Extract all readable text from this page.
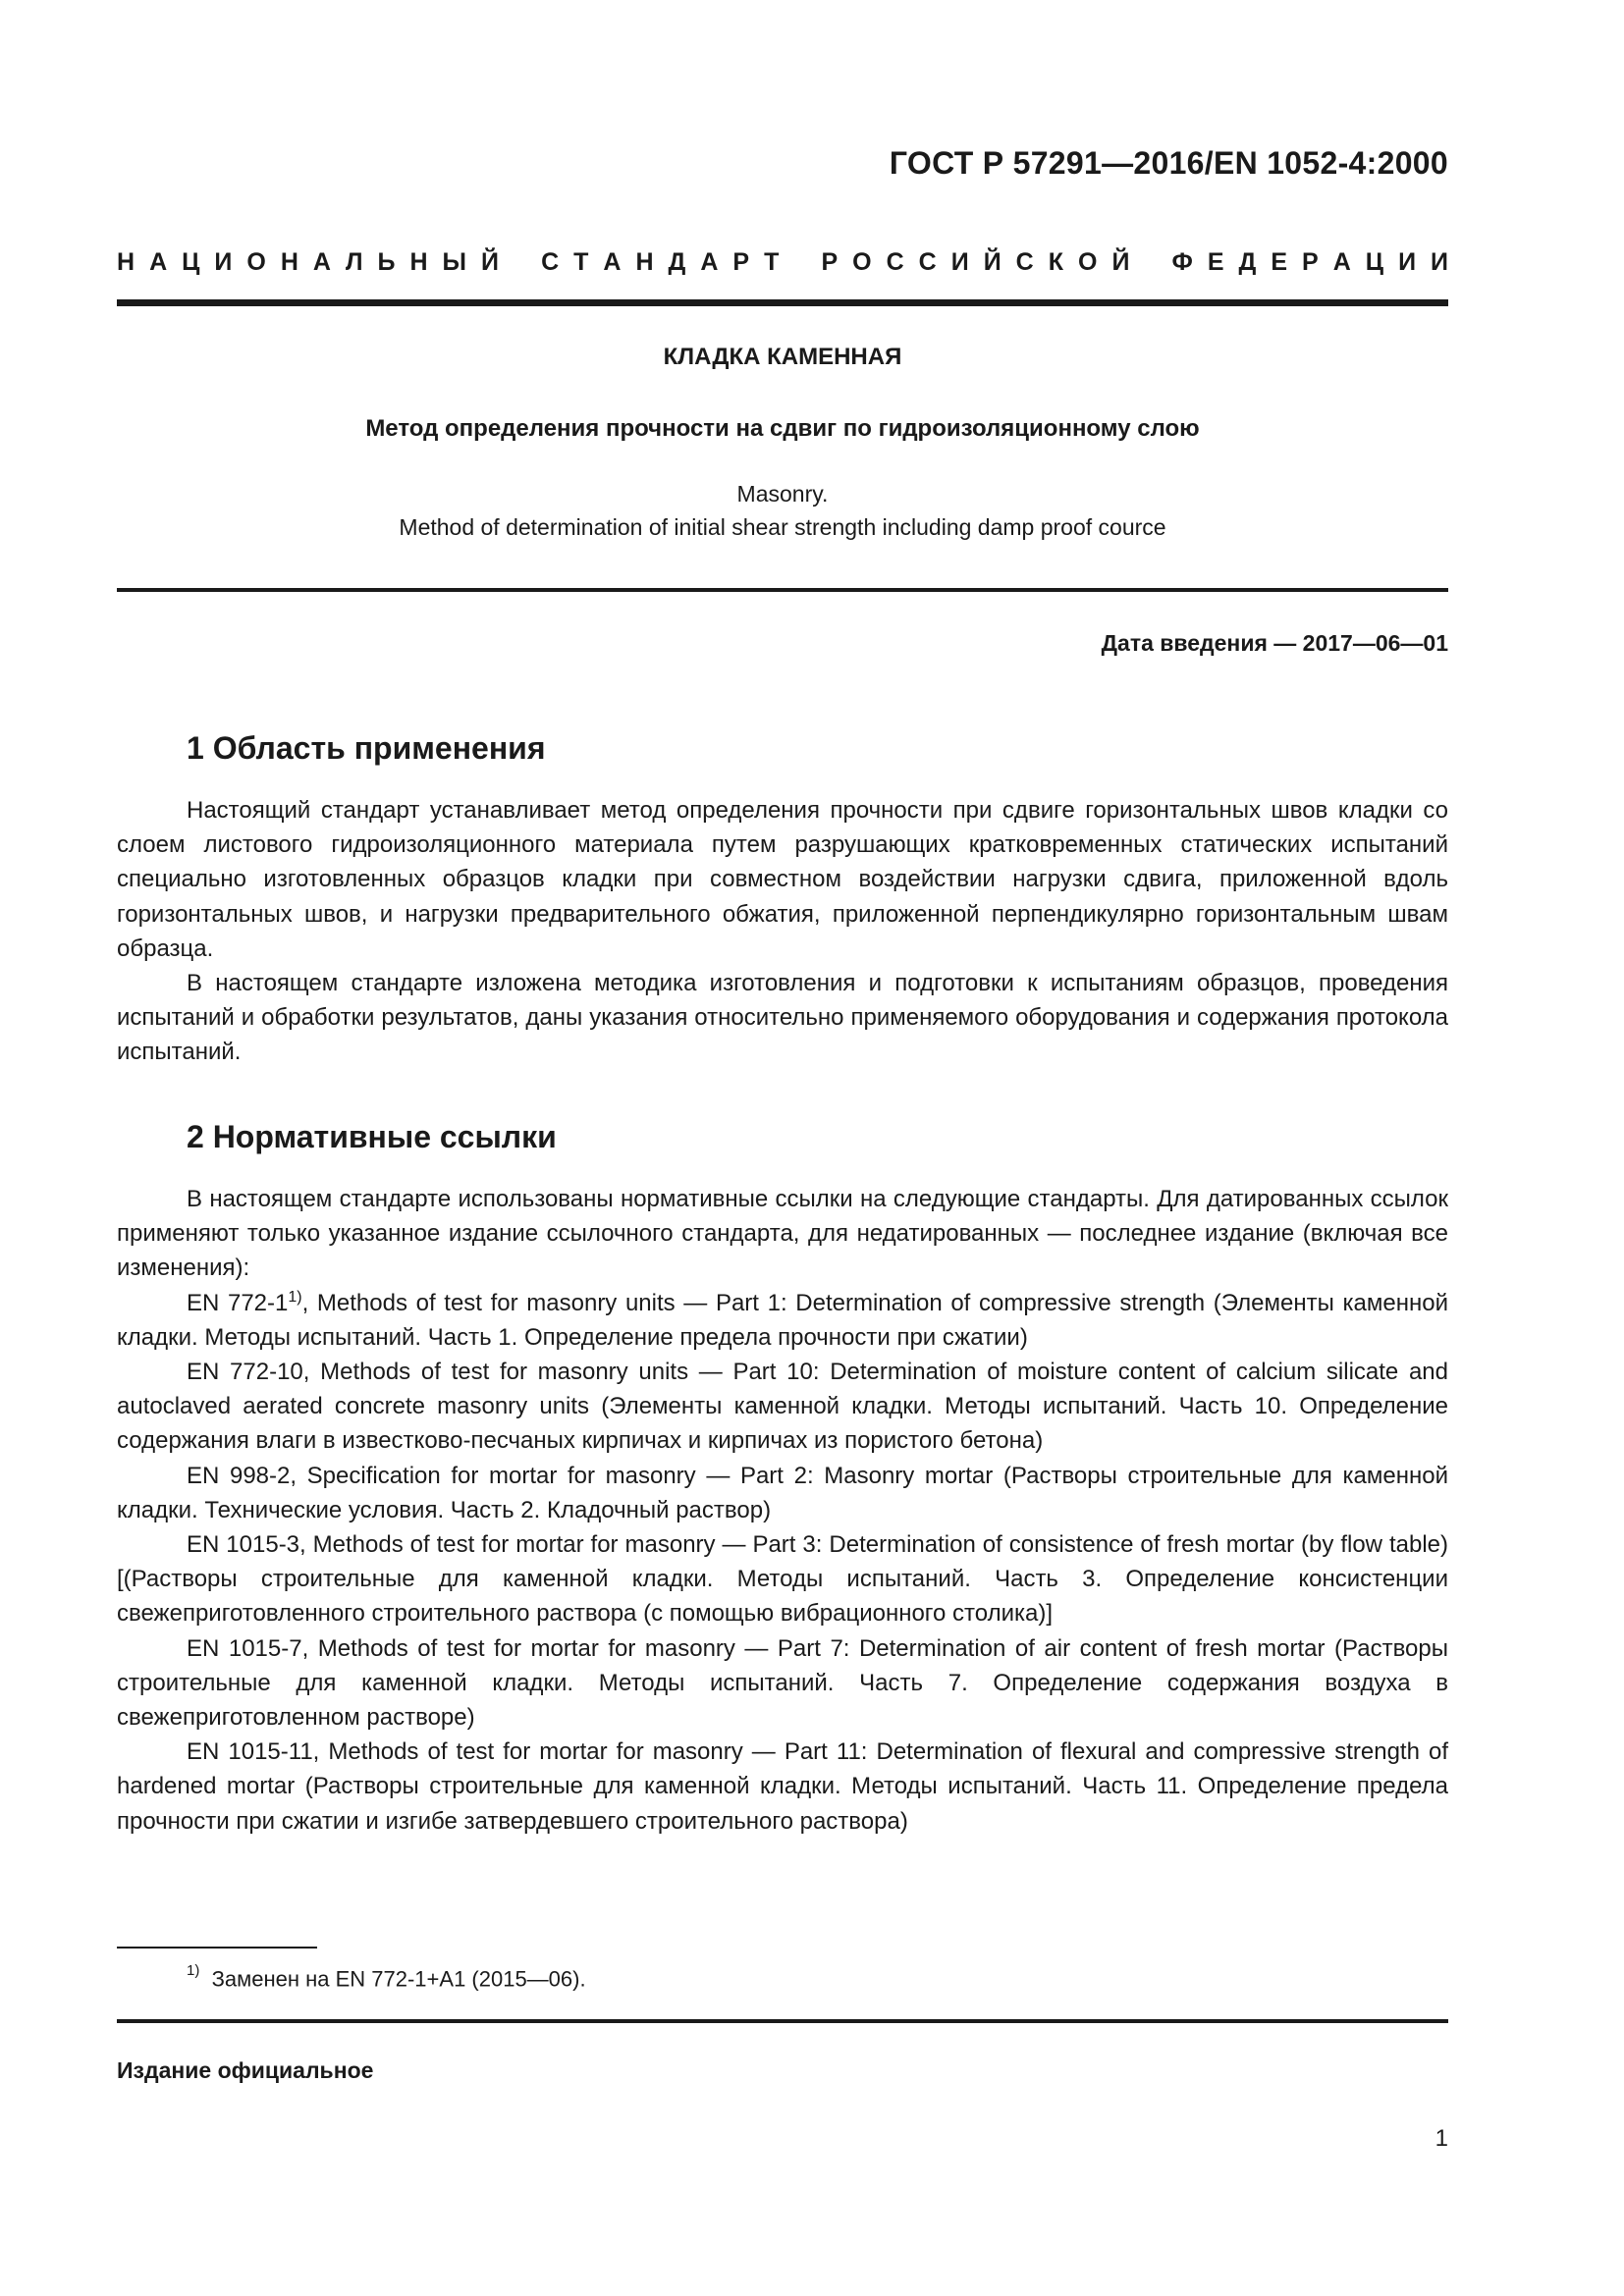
ГОСТ Р 57291—2016/EN 1052-4:2000
Н А Ц И О Н А Л Ь Н Ы Й С Т А Н Д А Р Т Р О С С И Й С К О Й Ф Е Д Е Р А Ц И И
КЛАДКА КАМЕННАЯ
Метод определения прочности на сдвиг по гидроизоляционному слою
Masonry.
Method of determination of initial shear strength including damp proof cource
Дата введения — 2017—06—01
1 Область применения

Настоящий стандарт устанавливает метод определения прочности при сдвиге горизонтальных швов кладки со слоем листового гидроизоляционного материала путем разрушающих кратковременных статических испытаний специально изготовленных образцов кладки при совместном воздействии нагрузки сдвига, приложенной вдоль горизонтальных швов, и нагрузки предварительного обжатия, приложенной перпендикулярно горизонтальным швам образца.

В настоящем стандарте изложена методика изготовления и подготовки к испытаниям образцов, проведения испытаний и обработки результатов, даны указания относительно применяемого оборудования и содержания протокола испытаний.

2 Нормативные ссылки

В настоящем стандарте использованы нормативные ссылки на следующие стандарты. Для датированных ссылок применяют только указанное издание ссылочного стандарта, для недатированных — последнее издание (включая все изменения):

EN 772-1$^{1)}$, Methods of test for masonry units — Part 1: Determination of compressive strength (Элементы каменной кладки. Методы испытаний. Часть 1. Определение предела прочности при сжатии)

EN 772-10, Methods of test for masonry units — Part 10: Determination of moisture content of calcium silicate and autoclaved aerated concrete masonry units (Элементы каменной кладки. Методы испытаний. Часть 10. Определение содержания влаги в известково-песчаных кирпичах и кирпичах из пористого бетона)

EN 998-2, Specification for mortar for masonry — Part 2: Masonry mortar (Растворы строительные для каменной кладки. Технические условия. Часть 2. Кладочный раствор)

EN 1015-3, Methods of test for mortar for masonry — Part 3: Determination of consistence of fresh mortar (by flow table) [(Растворы строительные для каменной кладки. Методы испытаний. Часть 3. Определение консистенции свежеприготовленного строительного раствора (с помощью вибрационного столика)]

EN 1015-7, Methods of test for mortar for masonry — Part 7: Determination of air content of fresh mortar (Растворы строительные для каменной кладки. Методы испытаний. Часть 7. Определение содержания воздуха в свежеприготовленном растворе)

EN 1015-11, Methods of test for mortar for masonry — Part 11: Determination of flexural and compressive strength of hardened mortar (Растворы строительные для каменной кладки. Методы испытаний. Часть 11. Определение предела прочности при сжатии и изгибе затвердевшего строительного раствора)

$^{1)}$ Заменен на EN 772-1+A1 (2015—06).
Издание официальное
1
